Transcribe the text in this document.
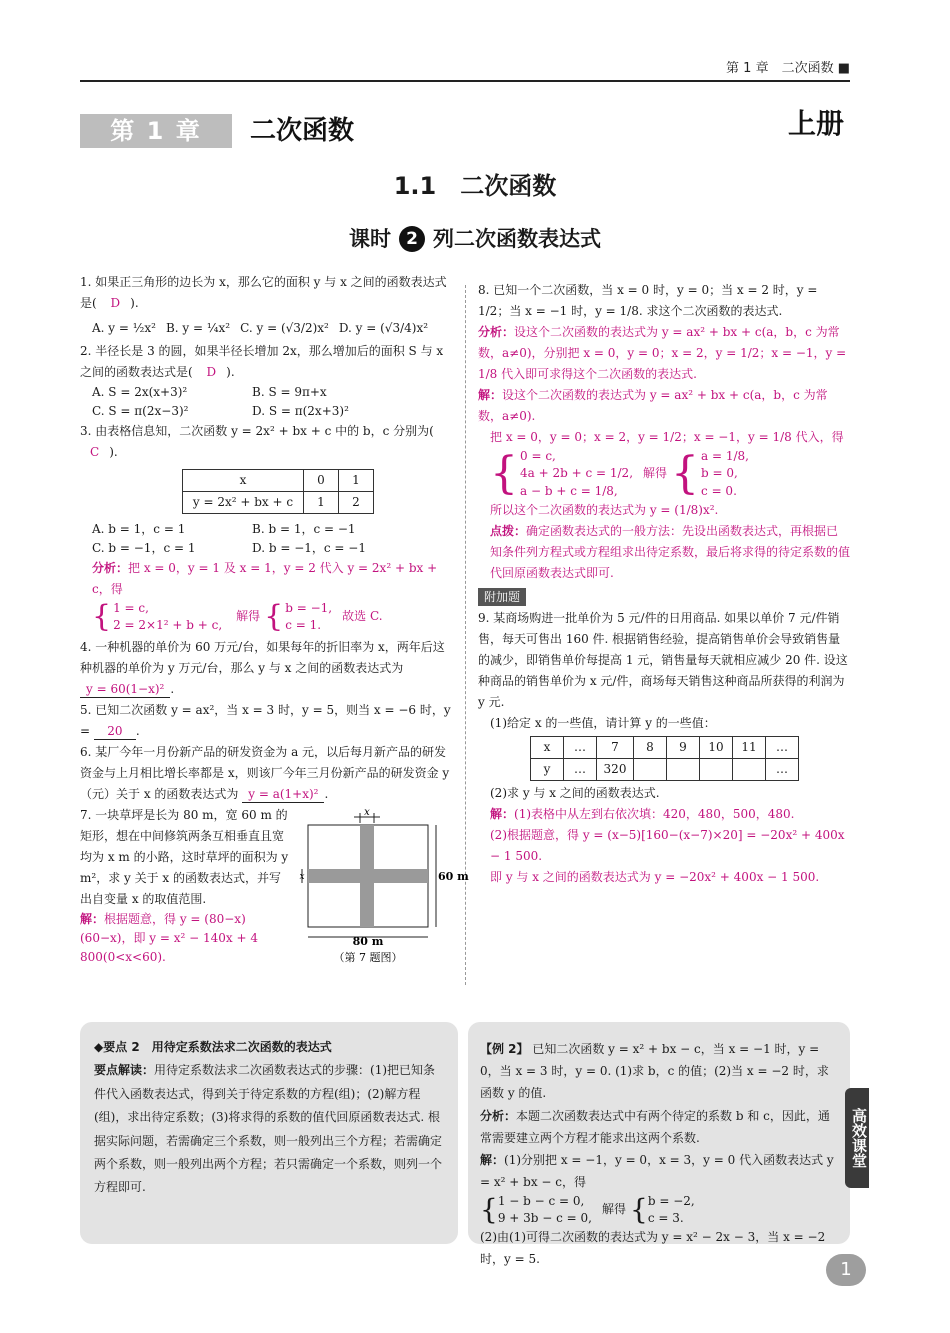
第 1 章　二次函数 ■
第 1 章	二次函数	上册
1.1　二次函数
课时 2 列二次函数表达式
1. 如果正三角形的边长为 x，那么它的面积 y 与 x 之间的函数表达式是( D ).
A. y = ½x² B. y = ¼x² C. y = (√3/2)x² D. y = (√3/4)x²
2. 半径长是 3 的圆，如果半径长增加 2x，那么增加后的面积 S 与 x 之间的函数表达式是( D ).
A. S = 2x(x+3)²	B. S = 9π+x
C. S = π(2x−3)²	D. S = π(2x+3)²
3. 由表格信息知，二次函数 y = 2x² + bx + c 中的 b，c 分别为( C ).
x	0	1
y = 2x² + bx + c	1	2
A. b = 1，c = 1	B. b = 1，c = −1
C. b = −1，c = 1	D. b = −1，c = −1
分析：把 x = 0，y = 1 及 x = 1，y = 2 代入 y = 2x² + bx + c，得
{ 1 = c,
2 = 2×1² + b + c,
解得 { b = −1,
c = 1.
故选 C.
4. 一种机器的单价为 60 万元/台，如果每年的折旧率为 x，两年后这种机器的单价为 y 万元/台，那么 y 与 x 之间的函数表达式为 y = 60(1−x)² .
5. 已知二次函数 y = ax²，当 x = 3 时，y = 5，则当 x = −6 时，y = 20 .
6. 某厂今年一月份新产品的研发资金为 a 元，以后每月新产品的研发资金与上月相比增长率都是 x，则该厂今年三月份新产品的研发资金 y（元）关于 x 的函数表达式为 y = a(1+x)² .
7. 一块草坪是长为 80 m，宽 60 m 的矩形，想在中间修筑两条互相垂直且宽均为 x m 的小路，这时草坪的面积为 y m²，求 y 关于 x 的函数表达式，并写出自变量 x 的取值范围.
解：根据题意，得 y = (80−x)(60−x)，即 y = x² − 140x + 4 800(0<x<60).
x
x	60 m
80 m
（第 7 题图）
8. 已知一个二次函数，当 x = 0 时，y = 0；当 x = 2 时，y = 1/2；当 x = −1 时，y = 1/8. 求这个二次函数的表达式.
分析：设这个二次函数的表达式为 y = ax² + bx + c(a，b，c 为常数，a≠0)，分别把 x = 0，y = 0；x = 2，y = 1/2；x = −1，y = 1/8 代入即可求得这个二次函数的表达式.
解：设这个二次函数的表达式为 y = ax² + bx + c(a，b，c 为常数，a≠0).
把 x = 0，y = 0；x = 2，y = 1/2；x = −1，y = 1/8 代入，得
{ 0 = c,
4a + 2b + c = 1/2,
a − b + c = 1/8,
解得 { a = 1/8,
b = 0,
c = 0.
所以这个二次函数的表达式为 y = (1/8)x².
点拨：确定函数表达式的一般方法：先设出函数表达式，再根据已知条件列方程式或方程组求出待定系数，最后将求得的待定系数的值代回原函数表达式即可.
附加题
9. 某商场购进一批单价为 5 元/件的日用商品. 如果以单价 7 元/件销售，每天可售出 160 件. 根据销售经验，提高销售单价会导致销售量的减少，即销售单价每提高 1 元，销售量每天就相应减少 20 件. 设这种商品的销售单价为 x 元/件，商场每天销售这种商品所获得的利润为 y 元.
(1)给定 x 的一些值，请计算 y 的一些值：
x	…	7	8	9	10	11	…
y	…	320					…
(2)求 y 与 x 之间的函数表达式.
解：(1)表格中从左到右依次填：420，480，500，480.
(2)根据题意，得 y = (x−5)[160−(x−7)×20] = −20x² + 400x − 1 500.
即 y 与 x 之间的函数表达式为 y = −20x² + 400x − 1 500.
◆要点 2　用待定系数法求二次函数的表达式
要点解读：用待定系数法求二次函数表达式的步骤：(1)把已知条件代入函数表达式，得到关于待定系数的方程(组)；(2)解方程(组)，求出待定系数；(3)将求得的系数的值代回原函数表达式. 根据实际问题，若需确定三个系数，则一般列出三个方程；若需确定两个系数，则一般列出两个方程；若只需确定一个系数，则列一个方程即可.
【例 2】 已知二次函数 y = x² + bx − c，当 x = −1 时，y = 0，当 x = 3 时，y = 0. (1)求 b，c 的值；(2)当 x = −2 时，求函数 y 的值.
分析：本题二次函数表达式中有两个待定的系数 b 和 c，因此，通常需要建立两个方程才能求出这两个系数.
解：(1)分别把 x = −1，y = 0，x = 3，y = 0 代入函数表达式 y = x² + bx − c，得
{ 1 − b − c = 0,
9 + 3b − c = 0,
解得 { b = −2,
c = 3.
(2)由(1)可得二次函数的表达式为 y = x² − 2x − 3，当 x = −2 时，y = 5.
高效课堂
1
